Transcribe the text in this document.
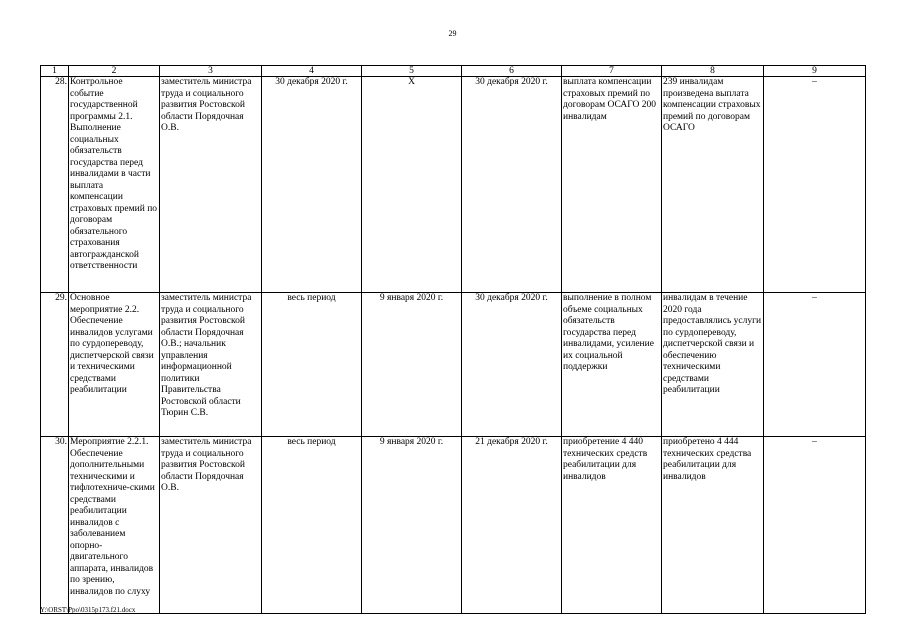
29
1	2	3	4	5	6	7	8	9
28.	Контрольное событие государственной программы 2.1. Выполнение социальных обязательств государства перед инвалидами в части выплата компенсации страховых премий по договорам обязательного страхования автогражданской ответственности	заместитель министра труда и социального развития Ростовской области Порядочная О.В.	30 декабря 2020 г.	X	30 декабря 2020 г.	выплата компенсации страховых премий по договорам ОСАГО 200 инвалидам	239 инвалидам произведена выплата компенсации страховых премий по договорам ОСАГО	–
29.	Основное мероприятие 2.2. Обеспечение инвалидов услугами по сурдопереводу, диспетчерской связи и техническими средствами реабилитации	заместитель министра труда и социального развития Ростовской области Порядочная О.В.; начальник управления информационной политики Правительства Ростовской области Тюрин С.В.	весь период	9 января 2020 г.	30 декабря 2020 г.	выполнение в полном объеме социальных обязательств государства перед инвалидами, усиление их социальной поддержки	инвалидам в течение 2020 года предоставлялись услуги по сурдопереводу, диспетчерской связи и обеспечению техническими средствами реабилитации	–
30.	Мероприятие 2.2.1. Обеспечение дополнительными техническими и тифлотехниче-скими средствами реабилитации инвалидов с заболеванием опорно-двигательного аппарата, инвалидов по зрению, инвалидов по слуху	заместитель министра труда и социального развития Ростовской области Порядочная О.В.	весь период	9 января 2020 г.	21 декабря 2020 г.	приобретение 4 440 технических средств реабилитации для инвалидов	приобретено 4 444 технических средства реабилитации для инвалидов	–
Y:\ORST\Ppo\0315p173.f21.docx
